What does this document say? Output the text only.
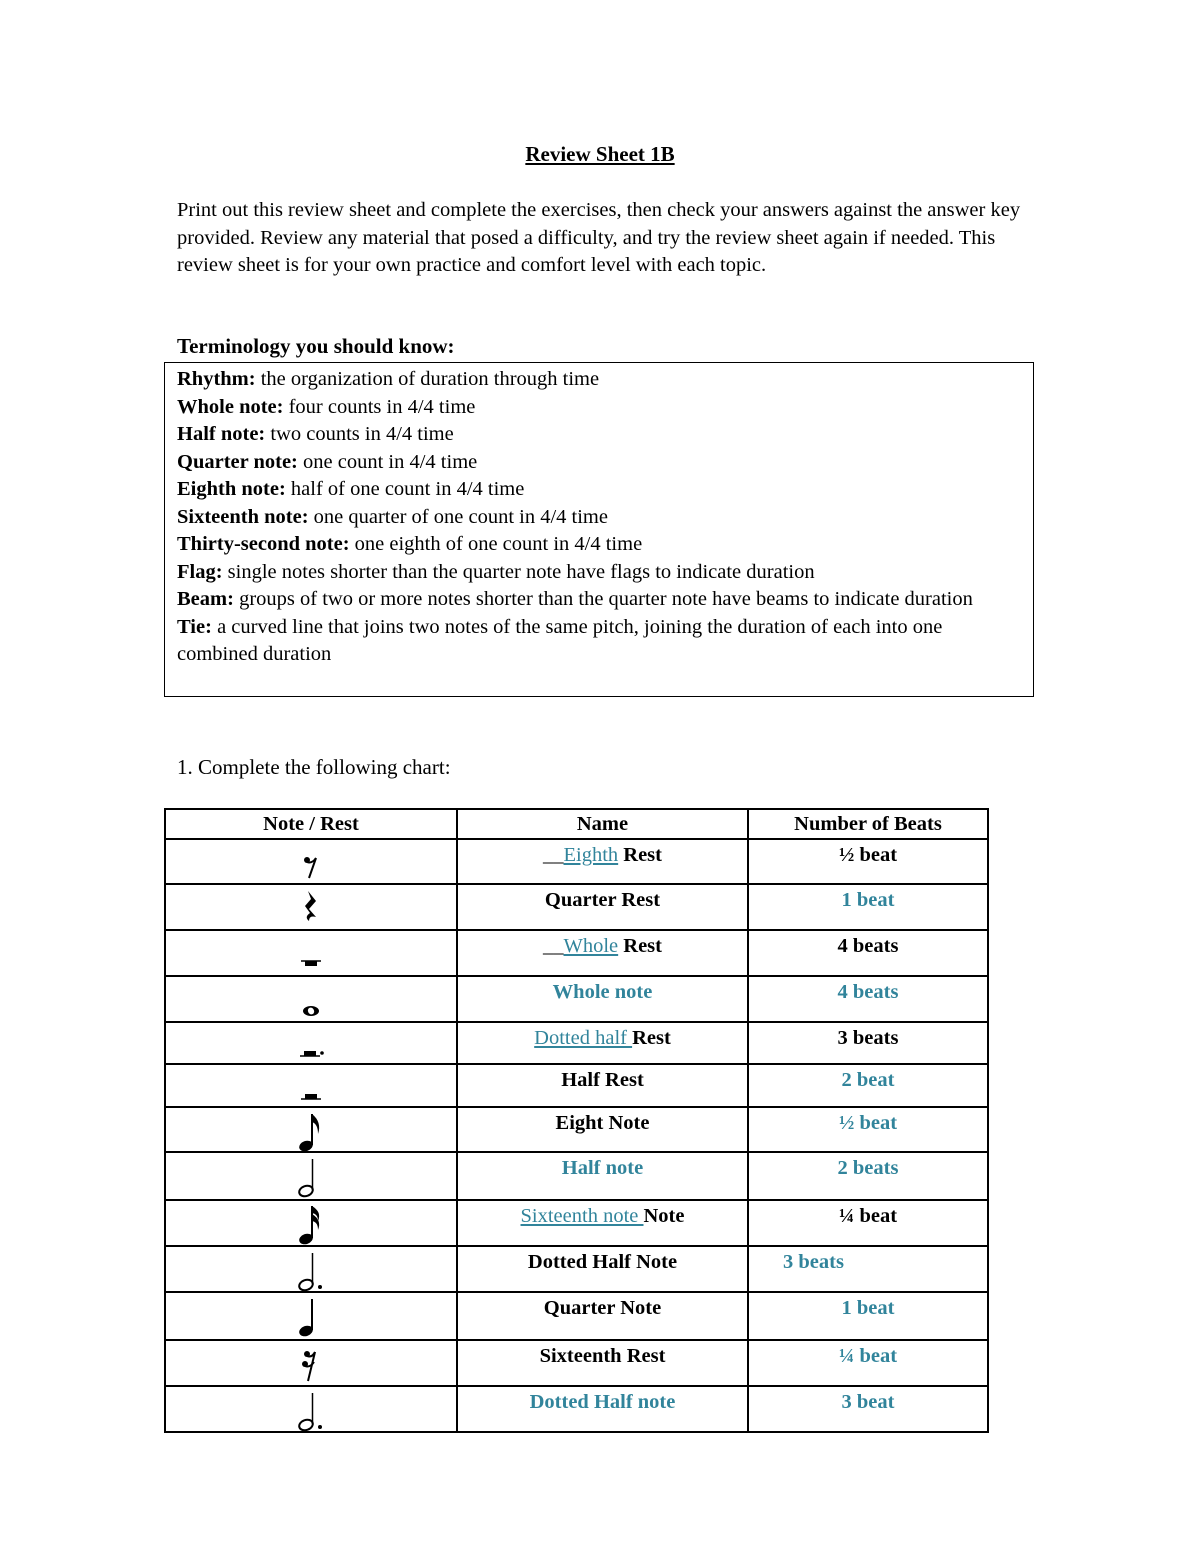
Review Sheet 1B

Print out this review sheet and complete the exercises, then check your answers against the answer key provided. Review any material that posed a difficulty, and try the review sheet again if needed. This review sheet is for your own practice and comfort level with each topic.

Terminology you should know:

Rhythm: the organization of duration through time

Whole note: four counts in 4/4 time

Half note: two counts in 4/4 time

Quarter note: one count in 4/4 time

Eighth note: half of one count in 4/4 time

Sixteenth note: one quarter of one count in 4/4 time

Thirty-second note: one eighth of one count in 4/4 time

Flag: single notes shorter than the quarter note have flags to indicate duration

Beam: groups of two or more notes shorter than the quarter note have beams to indicate duration

Tie: a curved line that joins two notes of the same pitch, joining the duration of each into one combined duration

1. Complete the following chart:
Note / Rest	Name	Number of Beats

	__Eighth Rest	½ beat

	Quarter Rest	1 beat

	__Whole Rest	4 beats

	Whole note	4 beats

	Dotted half Rest	3 beats

	Half Rest	2 beat

	Eight Note	½ beat

	Half note	2 beats

	Sixteenth note Note	¼ beat

	Dotted Half Note	3 beats

	Quarter Note	1 beat

	Sixteenth Rest	¼ beat

	Dotted Half note	3 beat
